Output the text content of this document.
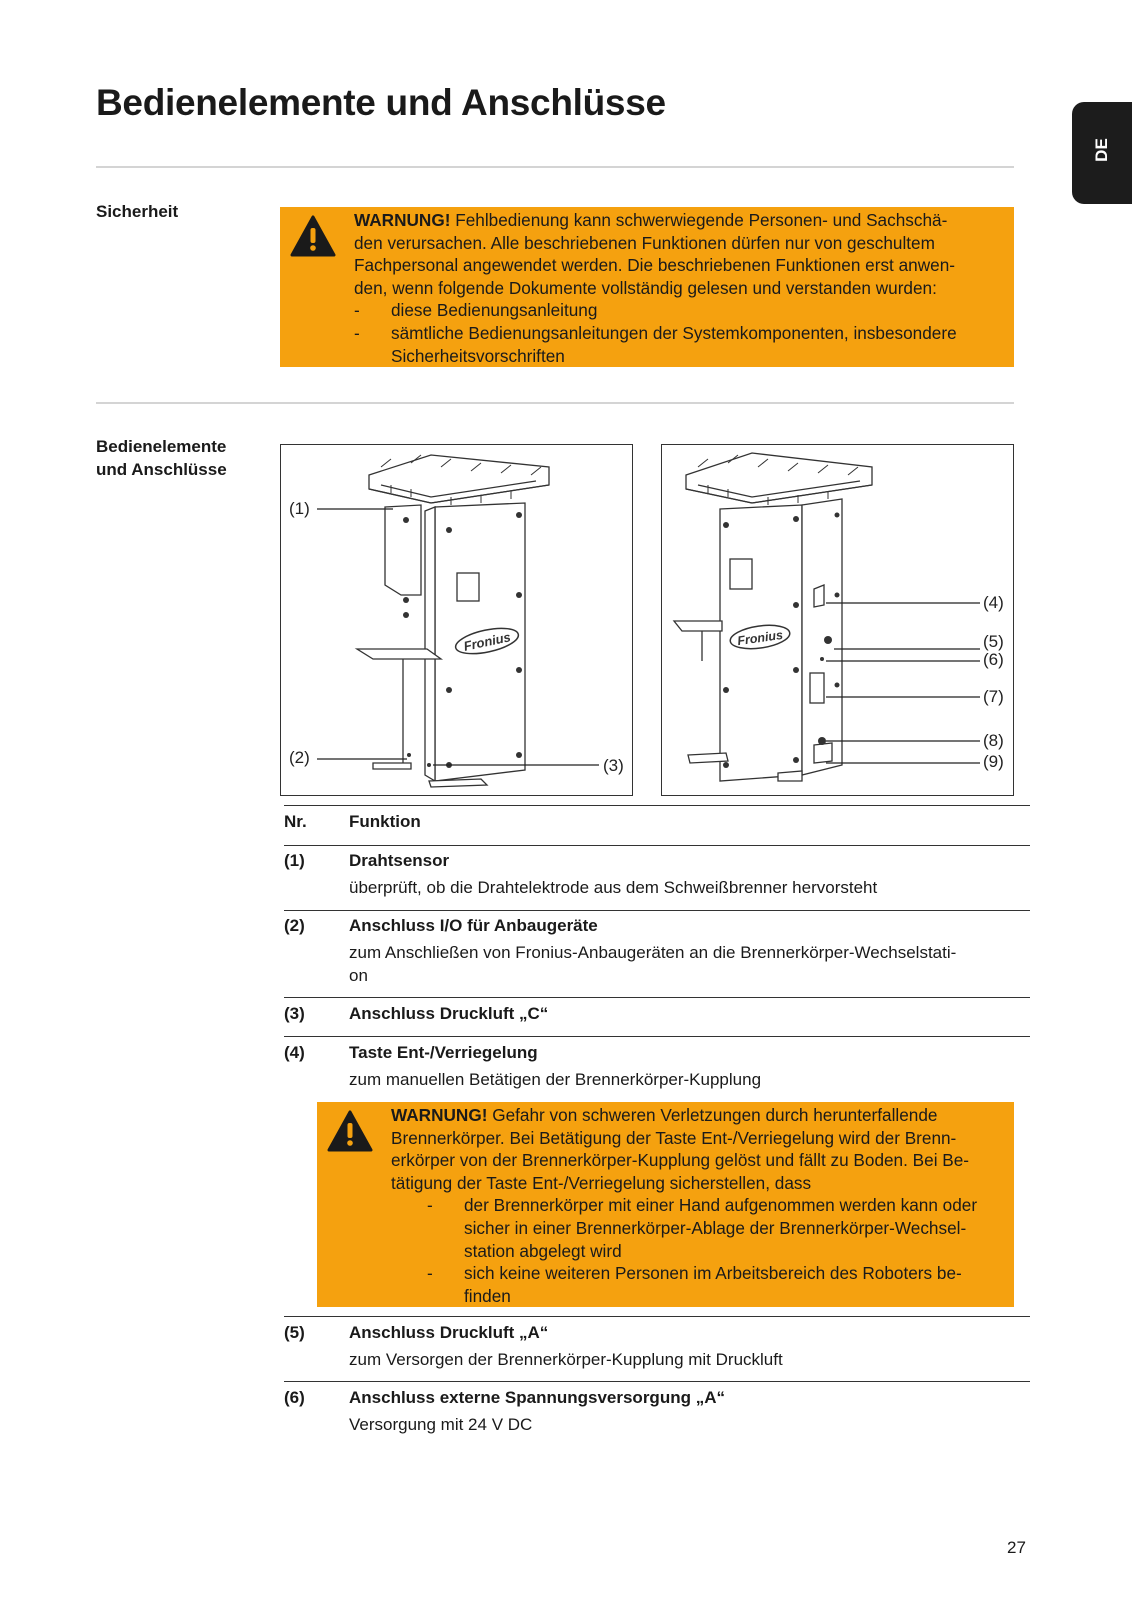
Bedienelemente und Anschlüsse
DE
Sicherheit	WARNUNG! Fehlbedienung kann schwerwiegende Personen- und Sachschä-
den verursachen. Alle beschriebenen Funktionen dürfen nur von geschultem
Fachpersonal angewendet werden. Die beschriebenen Funktionen erst anwen-
den, wenn folgende Dokumente vollständig gelesen und verstanden wurden:
-	diese Bedienungsanleitung
-	sämtliche Bedienungsanleitungen der Systemkomponenten, insbesondere
Sicherheitsvorschriften
Bedienelemente
und Anschlüsse
Fronius
(1)
(2)	(3)
Fronius
(4)
(5)
(6)
(7)
(8)
(9)
Nr. Funktion
(1)	Drahtsensor
überprüft, ob die Drahtelektrode aus dem Schweißbrenner hervorsteht
(2)	Anschluss I/O für Anbaugeräte
zum Anschließen von Fronius-Anbaugeräten an die Brennerkörper-Wechselstati-
on
(3)	Anschluss Druckluft „C“
(4)	Taste Ent-/Verriegelung
zum manuellen Betätigen der Brennerkörper-Kupplung
WARNUNG! Gefahr von schweren Verletzungen durch herunterfallende
Brennerkörper. Bei Betätigung der Taste Ent-/Verriegelung wird der Brenn-
erkörper von der Brennerkörper-Kupplung gelöst und fällt zu Boden. Bei Be-
tätigung der Taste Ent-/Verriegelung sicherstellen, dass
-	der Brennerkörper mit einer Hand aufgenommen werden kann oder
sicher in einer Brennerkörper-Ablage der Brennerkörper-Wechsel-
station abgelegt wird
-	sich keine weiteren Personen im Arbeitsbereich des Roboters be-
finden
(5)	Anschluss Druckluft „A“
zum Versorgen der Brennerkörper-Kupplung mit Druckluft
(6)	Anschluss externe Spannungsversorgung „A“
Versorgung mit 24 V DC
27
